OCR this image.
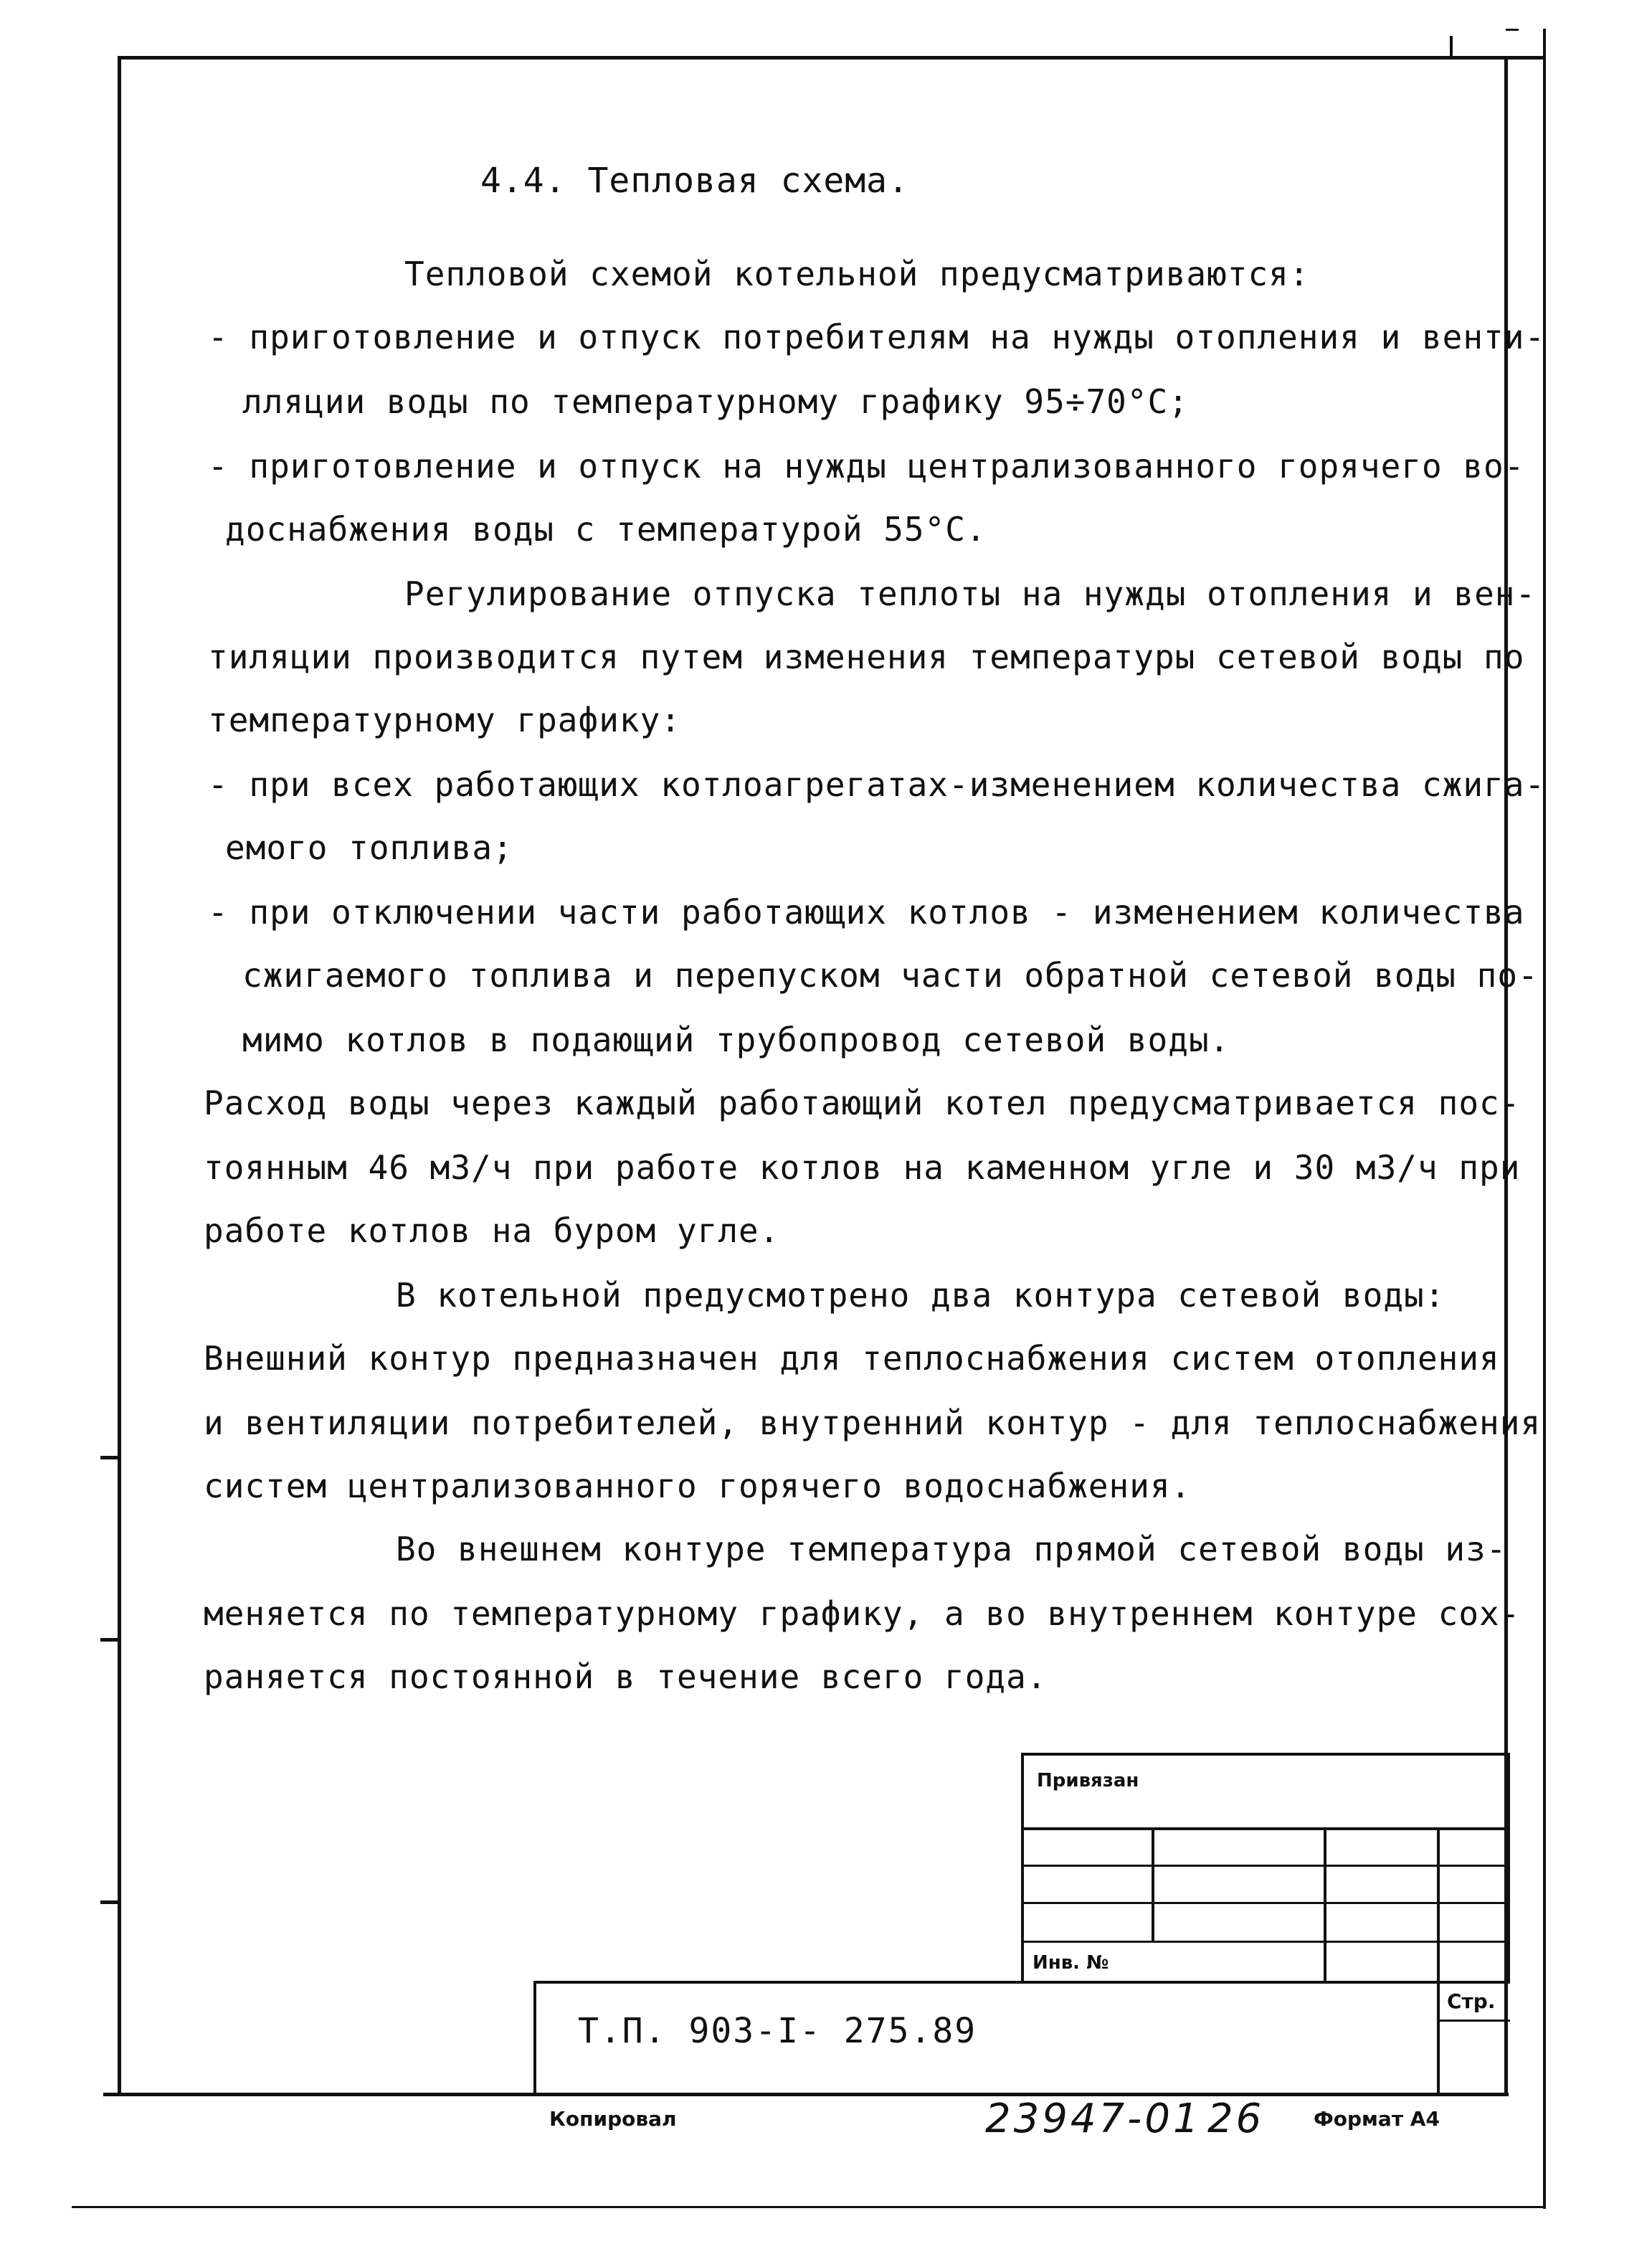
4.4. Тепловая схема.
Тепловой схемой котельной предусматриваются:
- приготовление и отпуск потребителям на нужды отопления и венти-
лляции воды по температурному графику 95÷70°С;
- приготовление и отпуск на нужды централизованного горячего во-
доснабжения воды с температурой 55°С.
Регулирование отпуска теплоты на нужды отопления и вен-
тиляции производится путем изменения температуры сетевой воды по
температурному графику:
- при всех работающих котлоагрегатах-изменением количества сжига-
емого топлива;
- при отключении части работающих котлов - изменением количества
сжигаемого топлива и перепуском части обратной сетевой воды по-
мимо котлов в подающий трубопровод сетевой воды.
Расход воды через каждый работающий котел предусматривается пос-
тоянным 46 м3/ч при работе котлов на каменном угле и 30 м3/ч при
работе котлов на буром угле.
В котельной предусмотрено два контура сетевой воды:
Внешний контур предназначен для теплоснабжения систем отопления
и вентиляции потребителей, внутренний контур - для теплоснабжения
систем централизованного горячего водоснабжения.
Во внешнем контуре температура прямой сетевой воды из-
меняется по температурному графику, а во внутреннем контуре сох-
раняется постоянной в течение всего года.
Привязан
Инв. №
Т.П. 903-I- 275.89
Стр.
Копировал	23947-01 26 Формат А4
